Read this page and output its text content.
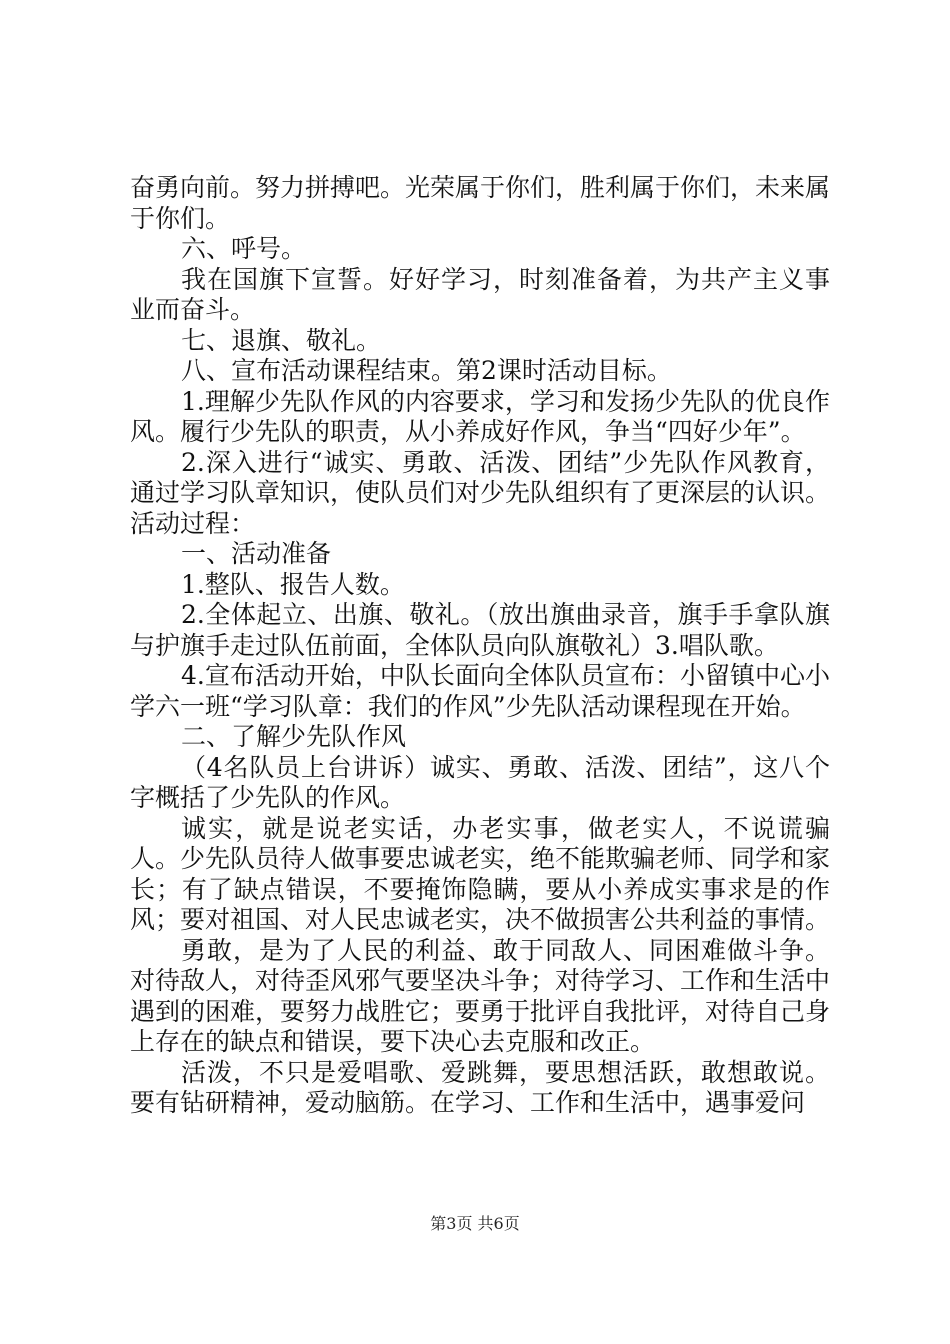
奋勇向前。努力拼搏吧。光荣属于你们，胜利属于你们，未来属于你们。

六、呼号。

我在国旗下宣誓。好好学习，时刻准备着，为共产主义事业而奋斗。

七、退旗、敬礼。

八、宣布活动课程结束。第2课时活动目标。

1.理解少先队作风的内容要求，学习和发扬少先队的优良作风。履行少先队的职责，从小养成好作风，争当“四好少年”。

2.深入进行“诚实、勇敢、活泼、团结”少先队作风教育，通过学习队章知识，使队员们对少先队组织有了更深层的认识。活动过程：

一、活动准备

1.整队、报告人数。

2.全体起立、出旗、敬礼。（放出旗曲录音，旗手手拿队旗与护旗手走过队伍前面，全体队员向队旗敬礼）3.唱队歌。

4.宣布活动开始，中队长面向全体队员宣布：小留镇中心小学六一班“学习队章：我们的作风”少先队活动课程现在开始。

二、了解少先队作风

（4名队员上台讲诉）诚实、勇敢、活泼、团结”，这八个字概括了少先队的作风。

诚实，就是说老实话，办老实事，做老实人，不说谎骗人。少先队员待人做事要忠诚老实，绝不能欺骗老师、同学和家长；有了缺点错误，不要掩饰隐瞒，要从小养成实事求是的作风；要对祖国、对人民忠诚老实，决不做损害公共利益的事情。

勇敢，是为了人民的利益、敢于同敌人、同困难做斗争。对待敌人，对待歪风邪气要坚决斗争；对待学习、工作和生活中遇到的困难，要努力战胜它；要勇于批评自我批评，对待自己身上存在的缺点和错误，要下决心去克服和改正。

活泼，不只是爱唱歌、爱跳舞，要思想活跃，敢想敢说。要有钻研精神，爱动脑筋。在学习、工作和生活中，遇事爱问

第3页 共6页
